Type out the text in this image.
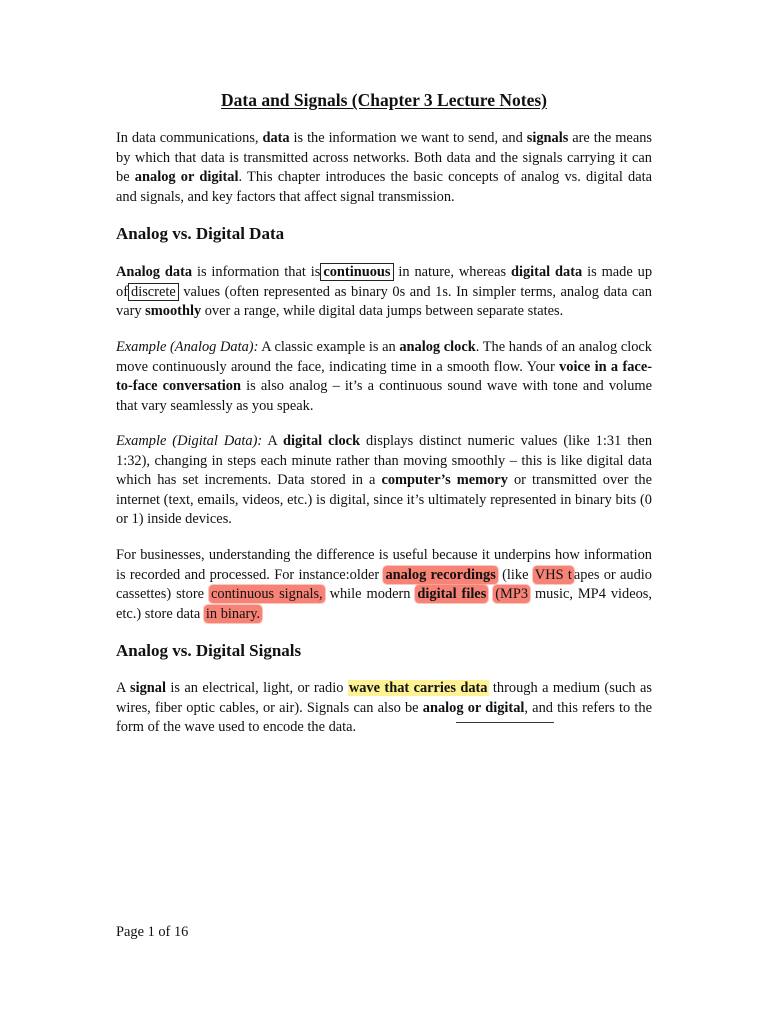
Data and Signals (Chapter 3 Lecture Notes)
In data communications, data is the information we want to send, and signals are the means by which that data is transmitted across networks. Both data and the signals carrying it can be analog or digital. This chapter introduces the basic concepts of analog vs. digital data and signals, and key factors that affect signal transmission.
Analog vs. Digital Data
Analog data is information that is continuous in nature, whereas digital data is made up of discrete values (often represented as binary 0s and 1s. In simpler terms, analog data can vary smoothly over a range, while digital data jumps between separate states.
Example (Analog Data): A classic example is an analog clock. The hands of an analog clock move continuously around the face, indicating time in a smooth flow. Your voice in a face-to-face conversation is also analog – it’s a continuous sound wave with tone and volume that vary seamlessly as you speak.
Example (Digital Data): A digital clock displays distinct numeric values (like 1:31 then 1:32), changing in steps each minute rather than moving smoothly – this is like digital data which has set increments. Data stored in a computer’s memory or transmitted over the internet (text, emails, videos, etc.) is digital, since it’s ultimately represented in binary bits (0 or 1) inside devices.
For businesses, understanding the difference is useful because it underpins how information is recorded and processed. For instance:older analog recordings (like VHS t apes or audio cassettes) store continuous signals, while modern digital files (MP3 music, MP4 videos, etc.) store data in binary.
Analog vs. Digital Signals
A signal is an electrical, light, or radio wave that carries data through a medium (such as wires, fiber optic cables, or air). Signals can also be analog or digital, and this refers to the form of the wave used to encode the data.
Page 1 of 16
